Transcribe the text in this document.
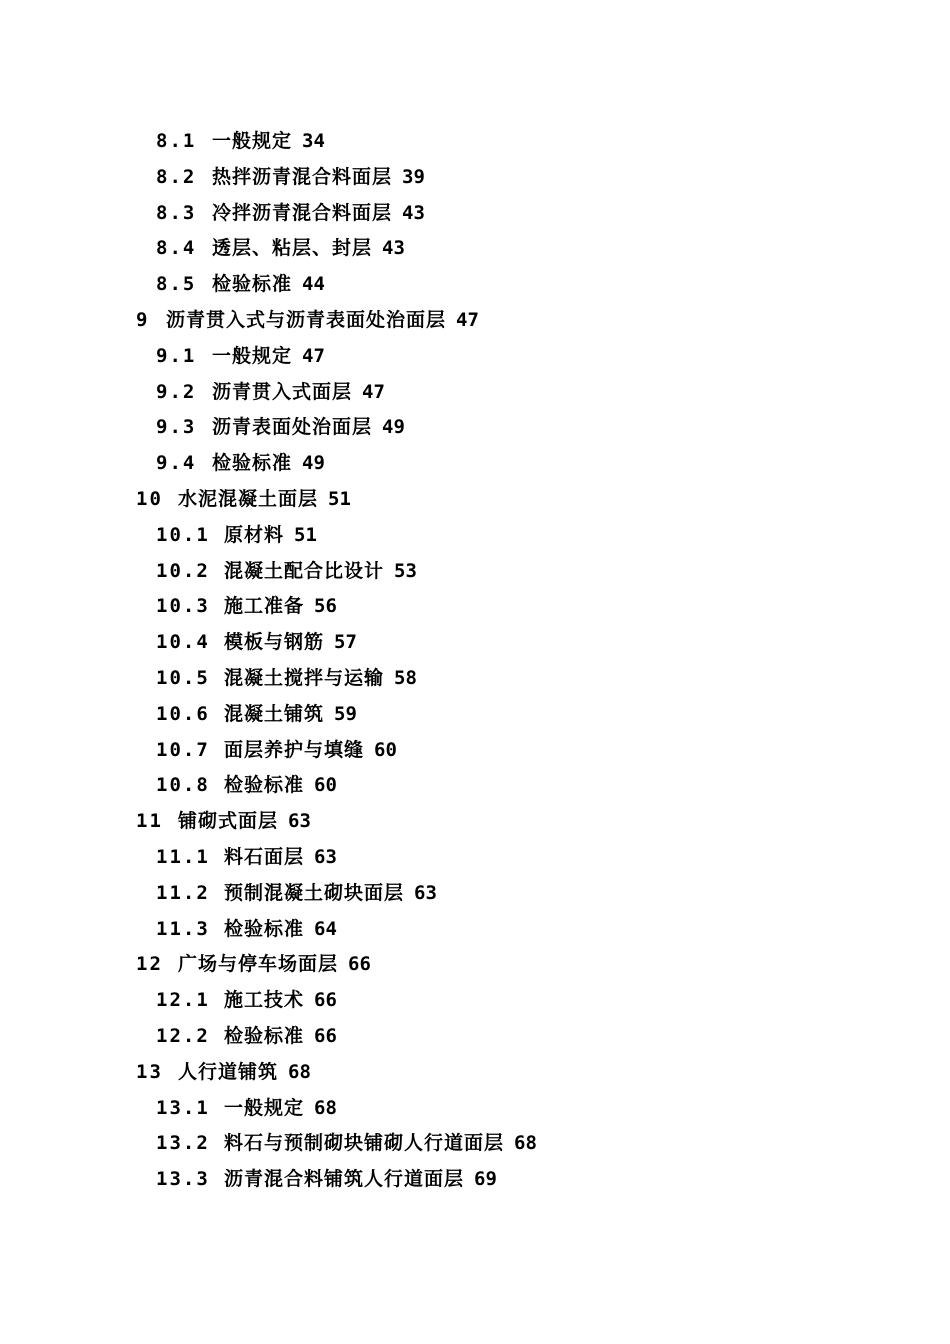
8.1 一般规定 34
8.2 热拌沥青混合料面层 39
8.3 冷拌沥青混合料面层 43
8.4 透层、粘层、封层 43
8.5 检验标准 44
9 沥青贯入式与沥青表面处治面层 47
9.1 一般规定 47
9.2 沥青贯入式面层 47
9.3 沥青表面处治面层 49
9.4 检验标准 49
10 水泥混凝土面层 51
10.1 原材料 51
10.2 混凝土配合比设计 53
10.3 施工准备 56
10.4 模板与钢筋 57
10.5 混凝土搅拌与运输 58
10.6 混凝土铺筑 59
10.7 面层养护与填缝 60
10.8 检验标准 60
11 铺砌式面层 63
11.1 料石面层 63
11.2 预制混凝土砌块面层 63
11.3 检验标准 64
12 广场与停车场面层 66
12.1 施工技术 66
12.2 检验标准 66
13 人行道铺筑 68
13.1 一般规定 68
13.2 料石与预制砌块铺砌人行道面层 68
13.3 沥青混合料铺筑人行道面层 69
